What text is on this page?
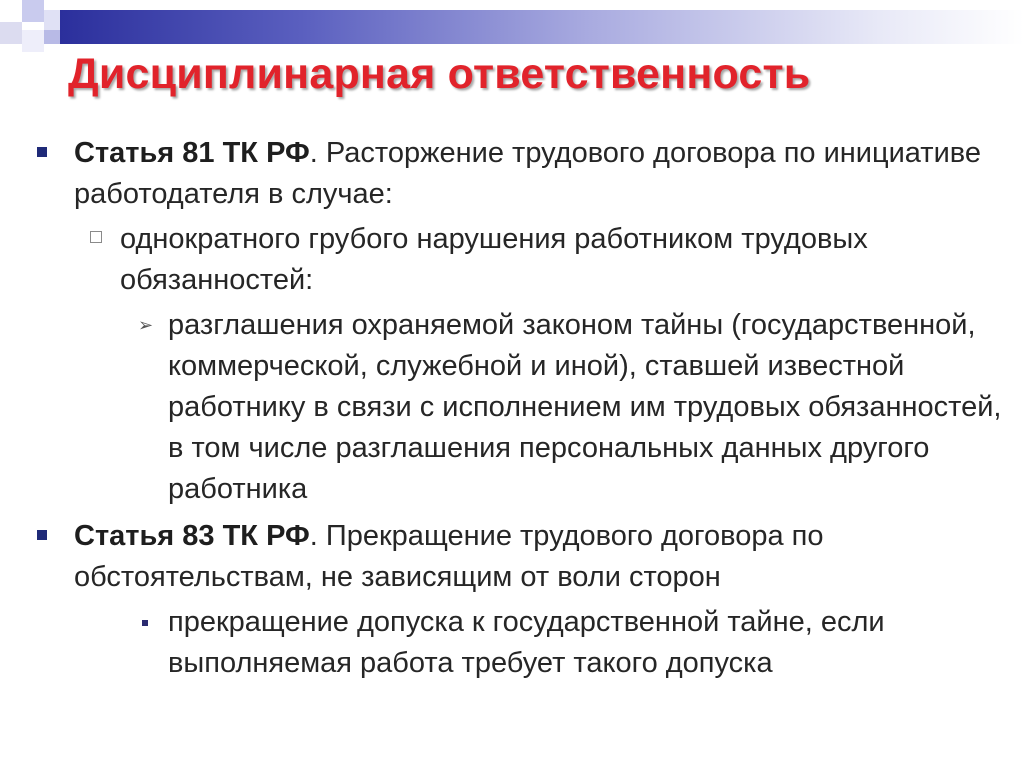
Дисциплинарная ответственность
Статья 81 ТК РФ. Расторжение трудового договора по инициативе работодателя в случае:
однократного грубого нарушения работником трудовых обязанностей:
➢ разглашения охраняемой законом тайны (государственной, коммерческой, служебной и иной), ставшей известной работнику в связи с исполнением им трудовых обязанностей, в том числе разглашения персональных данных другого работника
Статья 83 ТК РФ. Прекращение трудового договора по обстоятельствам, не зависящим от воли сторон
прекращение допуска к государственной тайне, если выполняемая работа требует такого допуска
